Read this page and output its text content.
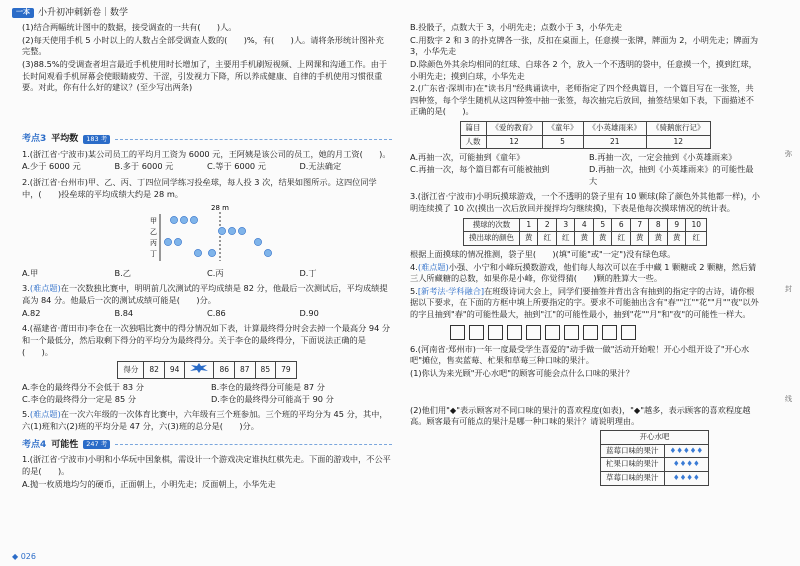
一本 小升初冲刺新卷｜数学

(1)结合两幅统计图中的数据，接受调查的一共有(　　)人。

(2)每天使用手机 5 小时以上的人数占全部受调查人数的(　　)%，有(　　)人。请将条形统计图补充完整。

(3)88.5%的受调查者坦言最近手机使用时长增加了，主要用手机刷短视频、上网课和沟通工作。由于长时间观看手机屏幕会使眼睛疲劳、干涩，引发视力下降，所以养成健康、自律的手机使用习惯很重要。对此，你有什么好的建议？(至少写出两条)

考点3 平均数	183 考

1.(浙江省·宁波市)某公司员工的平均月工资为 6000 元，王阿姨是该公司的员工，她的月工资(　　)。

A.少于 6000 元	B.多于 6000 元	C.等于 6000 元	D.无法确定

2.(浙江省·台州市)甲、乙、丙、丁四位同学练习投垒球，每人投 3 次，结果如图所示。这四位同学中，(　　)投垒球的平均成绩大约是 28 m。

28 m
甲
乙
丙
丁
A.甲	B.乙	C.丙	D.丁

3.(难点题)在一次数独比赛中，明明前几次测试的平均成绩是 82 分，他最后一次测试后，平均成绩提高为 84 分。他最后一次的测试成绩可能是(　　)分。

A.82	B.84	C.86	D.90

4.(福建省·莆田市)李仓在一次独唱比赛中的得分情况如下表，计算最终得分时会去掉一个最高分 94 分和一个最低分，然后取剩下得分的平均分为最终得分。关于李仓的最终得分，下面说法正确的是(　　)。

得分	82	94		86	87	85	79
A.李仓的最终得分不会低于 83 分	B.李仓的最终得分可能是 87 分
C.李仓的最终得分一定是 85 分	D.李仓的最终得分可能高于 90 分

5.(难点题)在一次六年级的一次体育比赛中，六年级有三个班参加。三个班的平均分为 45 分，其中，六(1)班和六(2)班的平均分是 47 分，六(3)班的总分是(　　)分。

考点4 可能性	247 考

1.(浙江省·宁波市)小明和小华玩中国象棋，需设计一个游戏决定谁执红棋先走。下面的游戏中，不公平的是(　　)。

A.抛一枚质地均匀的硬币，正面朝上，小明先走；反面朝上，小华先走

B.投骰子，点数大于 3，小明先走；点数小于 3，小华先走

C.用数字 2 和 3 的扑克牌各一张，反扣在桌面上，任意摸一张牌，牌面为 2，小明先走；牌面为 3，小华先走

D.除颜色外其余均相同的红球、白球各 2 个，放入一个不透明的袋中，任意摸一个，摸到红球，小明先走；摸到白球，小华先走

2.(广东省·深圳市)在"读书月"经典诵读中，老师指定了四个经典篇目，一个篇目写在一张签，共四种签，每个学生随机从这四种签中抽一张签，每次抽完后放回，抽签结果如下表，下面描述不正确的是(　　)。

篇目	《爱的教育》	《童年》	《小英雄雨来》	《骑鹅旅行记》
人数	12	5	21	12
A.再抽一次，可能抽到《童年》	B.再抽一次，一定会抽到《小英雄雨来》
C.再抽一次，每个篇目都有可能被抽到	D.再抽一次，抽到《小英雄雨来》的可能性最大

3.(浙江省·宁波市)小明玩摸球游戏，一个不透明的袋子里有 10 颗球(除了颜色外其他都一样)，小明连续摸了 10 次(摸出一次后放回并搅拌均匀继续摸)，下表是他每次摸球情况的统计表。

摸球的次数	1	2	3	4	5	6	7	8	9	10
摸出球的颜色	黄	红	红	黄	黄	红	黄	黄	黄	红

根据上面摸球的情况推测，袋子里(　　)(填"可能"或"一定")没有绿色球。

4.(难点题)小强、小宁和小峰玩摸数游戏，他们每人每次可以在手中藏 1 颗糖或 2 颗糖，然后猜三人所藏糖的总数，如果你是小峰，你觉得猜(　　)颗的胜算大一些。

5.[新考法·学科融合]在班级诗词大会上，同学们要抽签并背出含有抽到的指定字的古诗，请你根据以下要求，在下面的方框中填上所要指定的字。要求不可能抽出含有"春""江""花""月""夜"以外的字且抽到"春"的可能性最大，抽到"江"的可能性最小，抽到"花""月"和"夜"的可能性一样大。

6.(河南省·郑州市)一年一度最受学生喜爱的"动手做一做"活动开始啦！开心小组开设了"开心水吧"摊位，售卖蓝莓、杧果和草莓三种口味的果汁。

(1)你认为来光顾"开心水吧"的顾客可能会点什么口味的果汁？

(2)他们用"◆"表示顾客对不同口味的果汁的喜欢程度(如表)，"◆"越多，表示顾客的喜欢程度越高。顾客最有可能点的果汁是哪一种口味的果汁？请说明理由。

开心水吧	
蓝莓口味的果汁	♦♦♦♦♦
杧果口味的果汁	♦♦♦♦
草莓口味的果汁	♦♦♦♦
弥
封
线
◆ 026
